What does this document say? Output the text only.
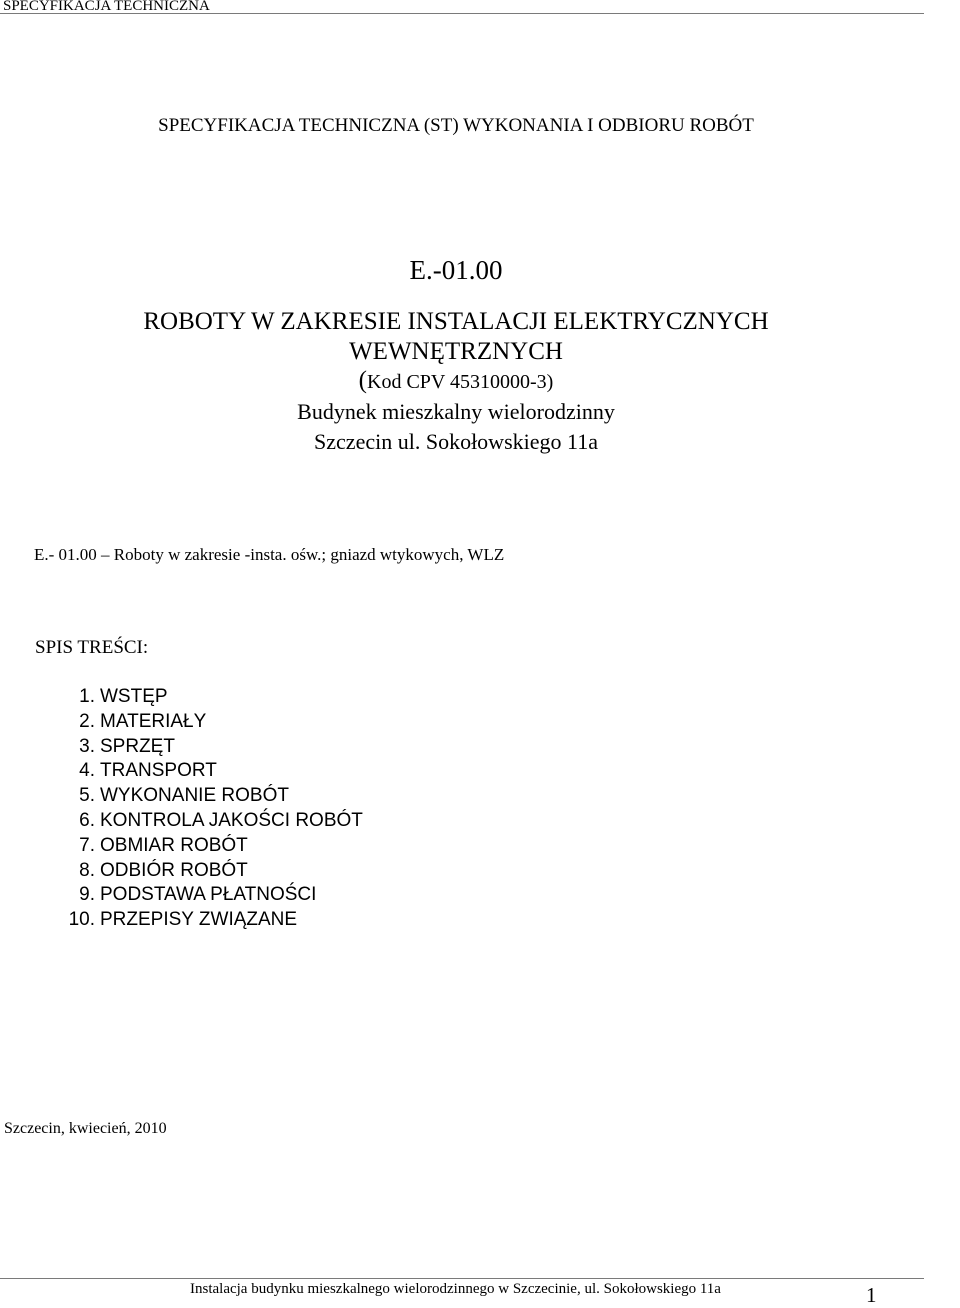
SPECYFIKACJA TECHNICZNA
SPECYFIKACJA TECHNICZNA (ST) WYKONANIA I ODBIORU ROBÓT
E.-01.00
ROBOTY W ZAKRESIE INSTALACJI ELEKTRYCZNYCH
WEWNĘTRZNYCH
(Kod CPV 45310000-3)
Budynek mieszkalny wielorodzinny
Szczecin ul. Sokołowskiego 11a
E.- 01.00 – Roboty w zakresie -insta. ośw.; gniazd wtykowych, WLZ
SPIS TREŚCI:
1. WSTĘP
2. MATERIAŁY
3. SPRZĘT
4. TRANSPORT
5. WYKONANIE ROBÓT
6. KONTROLA JAKOŚCI ROBÓT
7. OBMIAR ROBÓT
8. ODBIÓR ROBÓT
9. PODSTAWA PŁATNOŚCI
10. PRZEPISY ZWIĄZANE
Szczecin, kwiecień, 2010
Instalacja budynku mieszkalnego wielorodzinnego w Szczecinie, ul. Sokołowskiego 11a	1
